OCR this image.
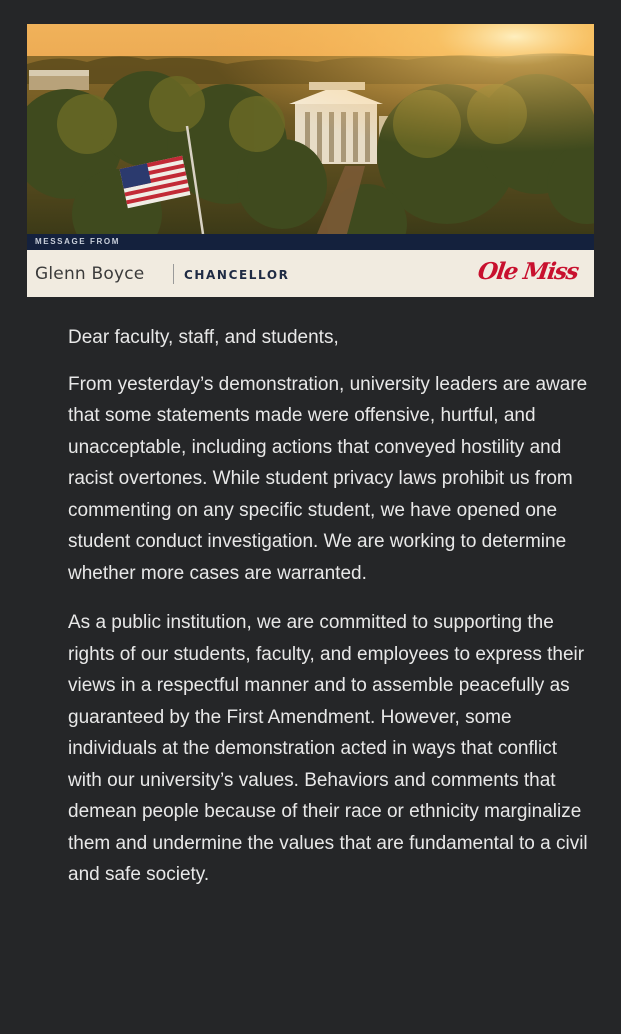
MESSAGE FROM
Glenn Boyce	CHANCELLOR	Ole Miss

Dear faculty, staff, and students,

From yesterday’s demonstration, university leaders are aware that some statements made were offensive, hurtful, and unacceptable, including actions that conveyed hostility and racist overtones. While student privacy laws prohibit us from commenting on any specific student, we have opened one student conduct investigation. We are working to determine whether more cases are warranted.

As a public institution, we are committed to supporting the rights of our students, faculty, and employees to express their views in a respectful manner and to assemble peacefully as guaranteed by the First Amendment. However, some individuals at the demonstration acted in ways that conflict with our university’s values. Behaviors and comments that demean people because of their race or ethnicity marginalize them and undermine the values that are fundamental to a civil and safe society.
